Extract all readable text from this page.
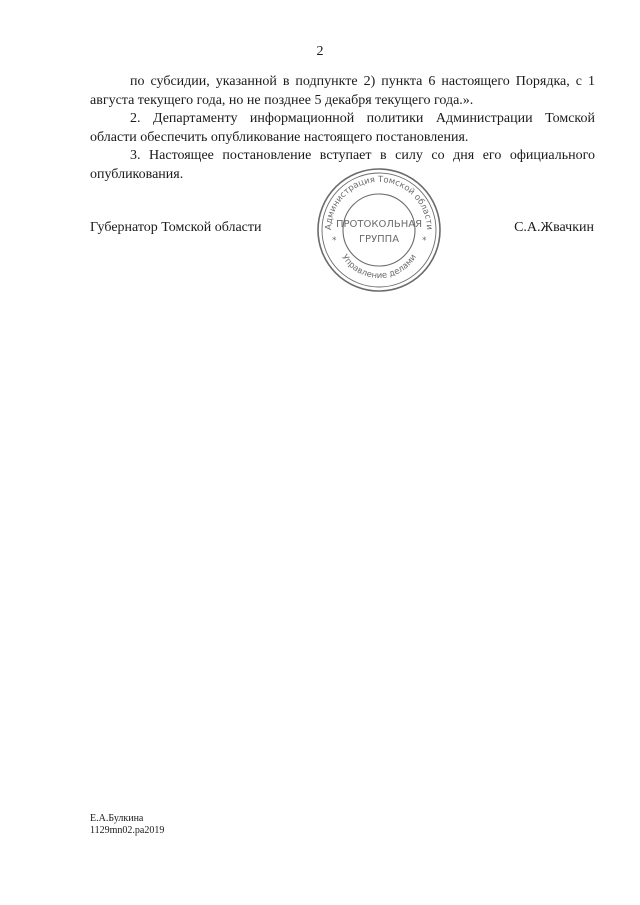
2

по субсидии, указанной в подпункте 2) пункта 6 настоящего Порядка, с 1 августа текущего года, но не позднее 5 декабря текущего года.».

2. Департаменту информационной политики Администрации Томской области обеспечить опубликование настоящего постановления.

3. Настоящее постановление вступает в силу со дня его официального опубликования.

Губернатор Томской области	С.А.Жвачкин
Администрация Томской области
Управление делами
*	*
ПРОТОКОЛЬНАЯ
ГРУППА
Е.А.Булкина
1129mn02.pa2019
